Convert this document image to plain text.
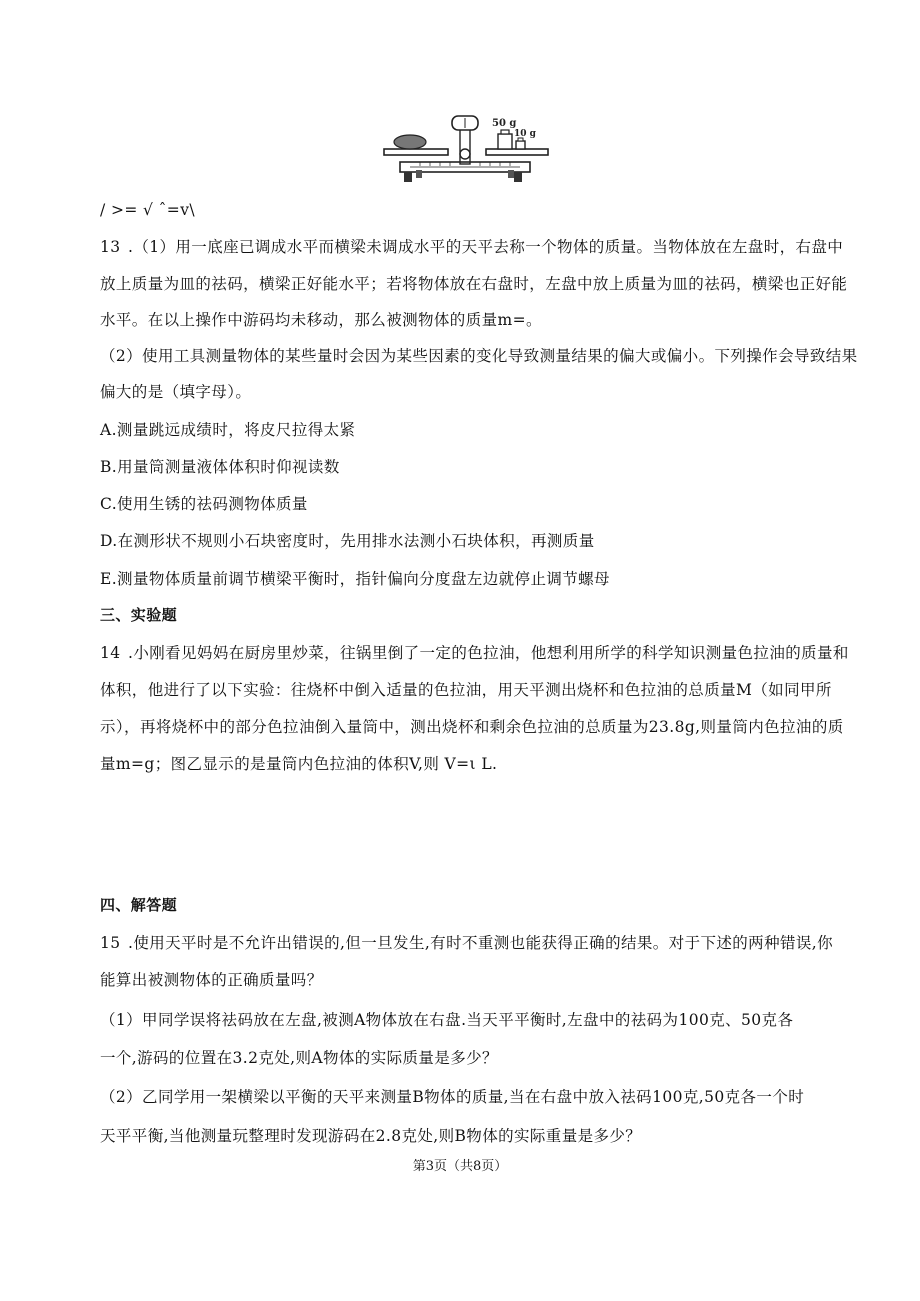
50 g
10 g
/ >= √ ˆ=v\
13 .（1）用一底座已调成水平而横梁未调成水平的天平去称一个物体的质量。当物体放在左盘时，右盘中
放上质量为皿的祛码，横梁正好能水平；若将物体放在右盘时，左盘中放上质量为皿的祛码，横梁也正好能
水平。在以上操作中游码均未移动，那么被测物体的质量m=。
（2）使用工具测量物体的某些量时会因为某些因素的变化导致测量结果的偏大或偏小。下列操作会导致结果
偏大的是（填字母）。
A.测量跳远成绩时，将皮尺拉得太紧
B.用量筒测量液体体积时仰视读数
C.使用生锈的祛码测物体质量
D.在测形状不规则小石块密度时，先用排水法测小石块体积，再测质量
E.测量物体质量前调节横梁平衡时，指针偏向分度盘左边就停止调节螺母
三、实验题
14 .小刚看见妈妈在厨房里炒菜，往锅里倒了一定的色拉油，他想利用所学的科学知识测量色拉油的质量和
体积，他进行了以下实验：往烧杯中倒入适量的色拉油，用天平测出烧杯和色拉油的总质量M（如同甲所
示），再将烧杯中的部分色拉油倒入量筒中，测出烧杯和剩余色拉油的总质量为23.8g,则量筒内色拉油的质
量m=g；图乙显示的是量筒内色拉油的体积V,则 V=ι L.
四、解答题
15 .使用天平时是不允许出错误的,但一旦发生,有时不重测也能获得正确的结果。对于下述的两种错误,你
能算出被测物体的正确质量吗？
（1）甲同学误将祛码放在左盘,被测A物体放在右盘.当天平平衡时,左盘中的祛码为100克、50克各
一个,游码的位置在3.2克处,则A物体的实际质量是多少？
（2）乙同学用一架横梁以平衡的天平来测量B物体的质量,当在右盘中放入祛码100克,50克各一个时
天平平衡,当他测量玩整理时发现游码在2.8克处,则B物体的实际重量是多少？
第3页（共8页）
